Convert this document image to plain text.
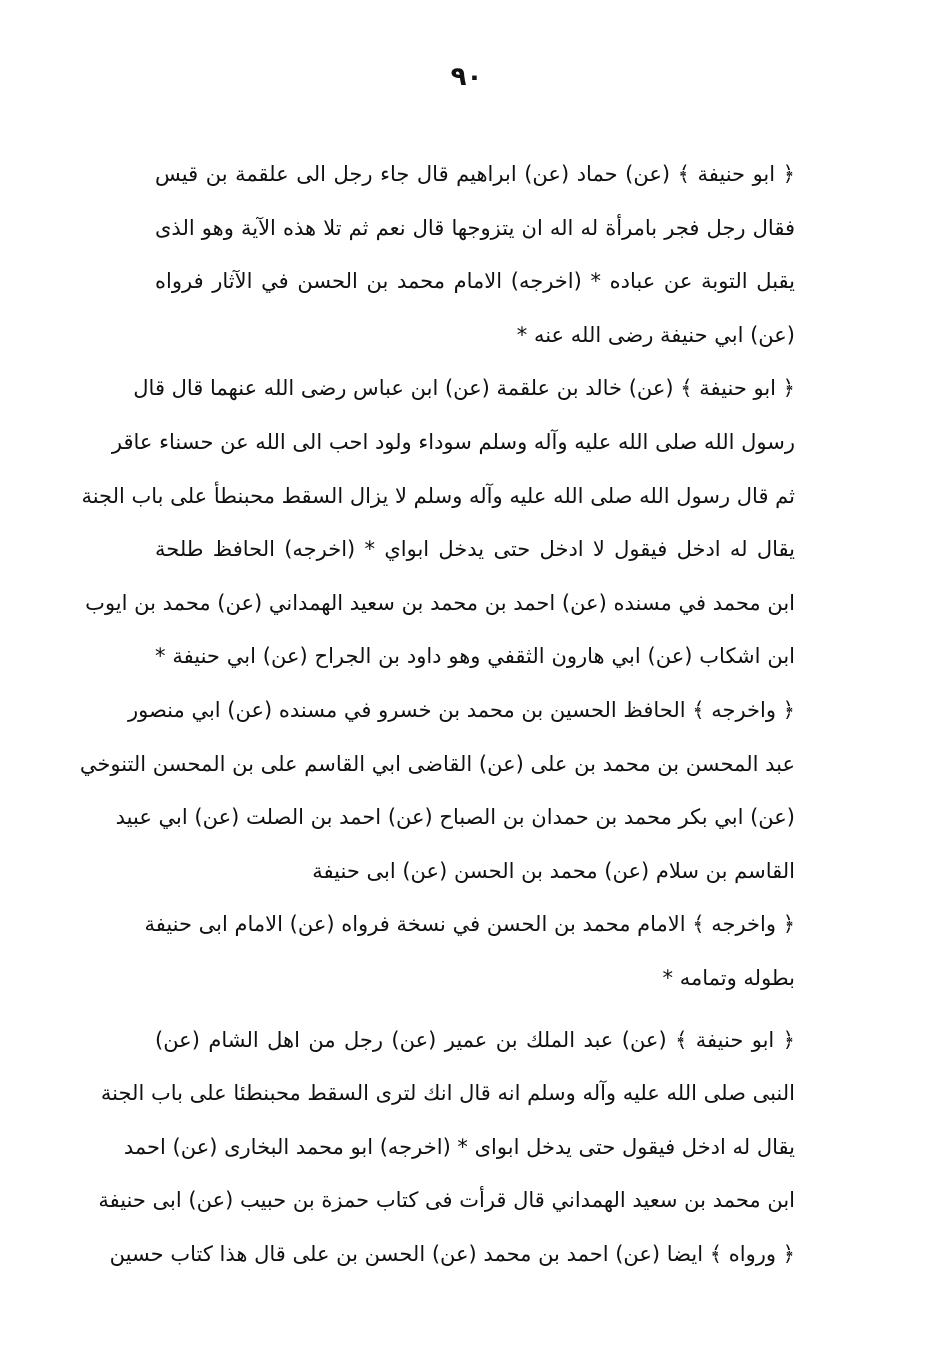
٩٠
﴿ ابو حنيفة ﴾ (عن) حماد (عن) ابراهيم قال جاء رجل الى علقمة بن قيس
فقال رجل فجر بامرأة له اله ان يتزوجها قال نعم ثم تلا هذه الآية وهو الذى
يقبل التوبة عن عباده * (اخرجه) الامام محمد بن الحسن في الآثار فرواه
(عن) ابي حنيفة رضى الله عنه *
﴿ ابو حنيفة ﴾ (عن) خالد بن علقمة (عن) ابن عباس رضى الله عنهما قال قال
رسول الله صلى الله عليه وآله وسلم سوداء ولود احب الى الله عن حسناء عاقر
ثم قال رسول الله صلى الله عليه وآله وسلم لا يزال السقط محبنطأ على باب الجنة
يقال له ادخل فيقول لا ادخل حتى يدخل ابواي * (اخرجه) الحافظ طلحة
ابن محمد في مسنده (عن) احمد بن محمد بن سعيد الهمداني (عن) محمد بن ايوب
ابن اشكاب (عن) ابي هارون الثقفي وهو داود بن الجراح (عن) ابي حنيفة *
﴿ واخرجه ﴾ الحافظ الحسين بن محمد بن خسرو في مسنده (عن) ابي منصور
عبد المحسن بن محمد بن على (عن) القاضى ابي القاسم على بن المحسن التنوخي
(عن) ابي بكر محمد بن حمدان بن الصباح (عن) احمد بن الصلت (عن) ابي عبيد
القاسم بن سلام (عن) محمد بن الحسن (عن) ابى حنيفة
﴿ واخرجه ﴾ الامام محمد بن الحسن في نسخة فرواه (عن) الامام ابى حنيفة
بطوله وتمامه *
﴿ ابو حنيفة ﴾ (عن) عبد الملك بن عمير (عن) رجل من اهل الشام (عن)
النبى صلى الله عليه وآله وسلم انه قال انك لترى السقط محبنطئا على باب الجنة
يقال له ادخل فيقول حتى يدخل ابواى * (اخرجه) ابو محمد البخارى (عن) احمد
ابن محمد بن سعيد الهمداني قال قرأت فى كتاب حمزة بن حبيب (عن) ابى حنيفة
﴿ ورواه ﴾ ايضا (عن) احمد بن محمد (عن) الحسن بن على قال هذا كتاب حسين
